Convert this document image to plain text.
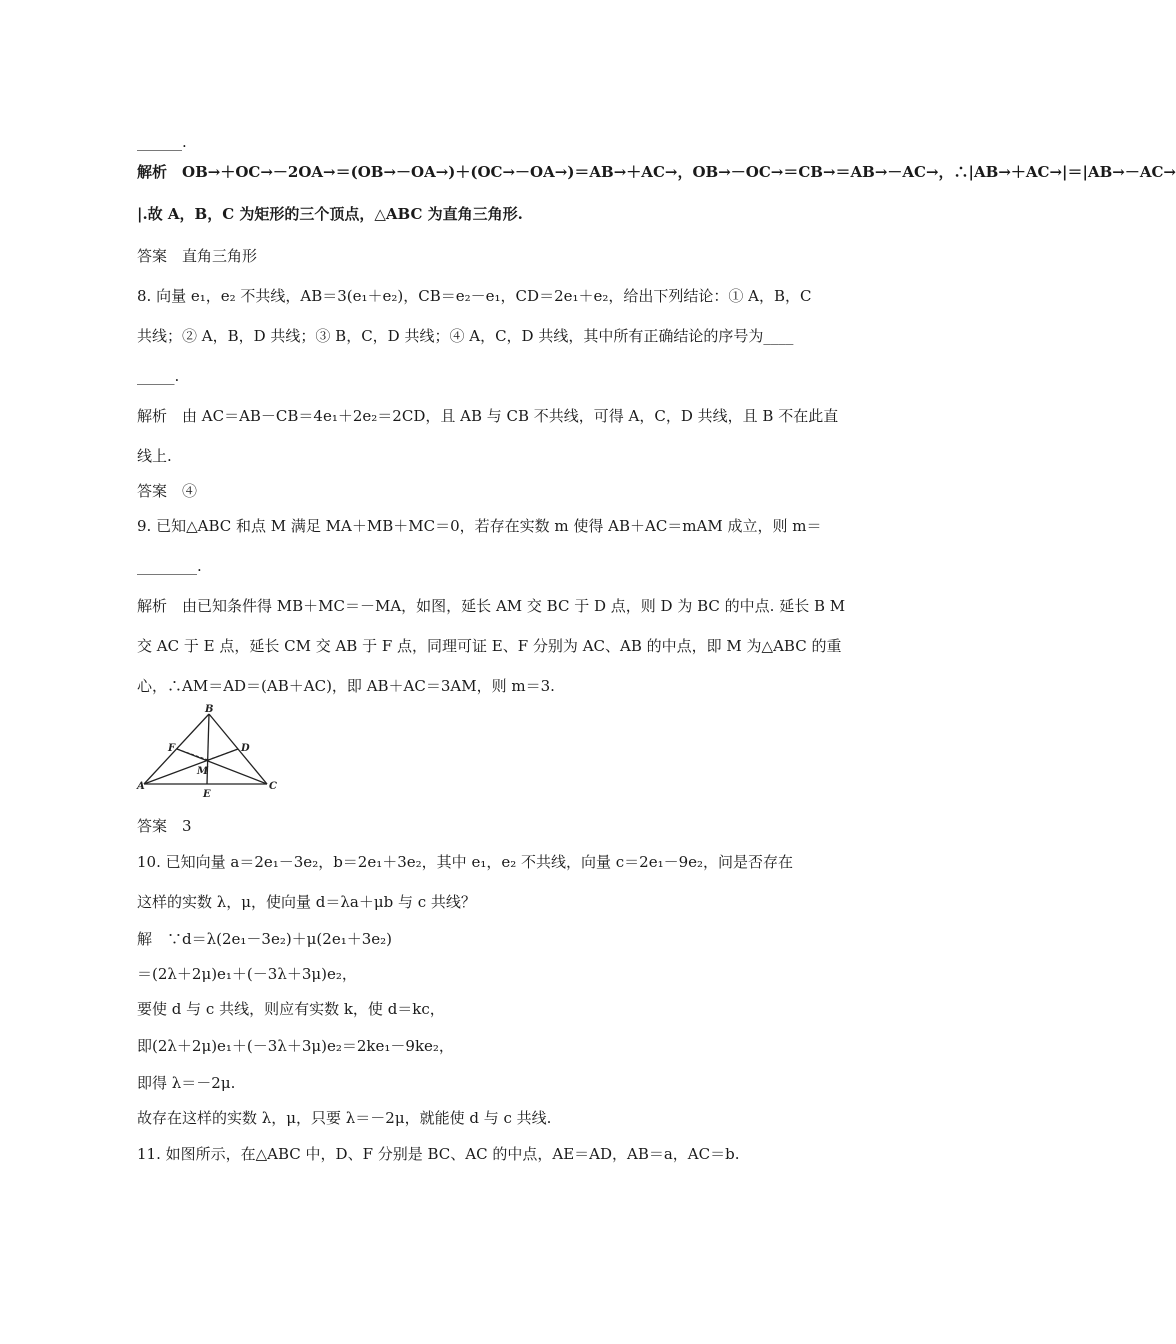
______.
解析　OB→＋OC→－2OA→＝(OB→－OA→)＋(OC→－OA→)＝AB→＋AC→，OB→－OC→＝CB→＝AB→－AC→，∴|AB→＋AC→|＝|AB→－AC→
|.故 A，B，C 为矩形的三个顶点，△ABC 为直角三角形.
答案　直角三角形
8. 向量 e₁，e₂ 不共线，AB＝3(e₁＋e₂)，CB＝e₂－e₁，CD＝2e₁＋e₂，给出下列结论：① A，B，C
共线；② A，B，D 共线；③ B，C，D 共线；④ A，C，D 共线，其中所有正确结论的序号为____
_____.
解析　由 AC＝AB－CB＝4e₁＋2e₂＝2CD，且 AB 与 CB 不共线，可得 A，C，D 共线，且 B 不在此直
线上.
答案　④
9. 已知△ABC 和点 M 满足 MA＋MB＋MC＝0，若存在实数 m 使得 AB＋AC＝mAM 成立，则 m＝
________.
解析　由已知条件得 MB＋MC＝－MA，如图，延长 AM 交 BC 于 D 点，则 D 为 BC 的中点. 延长 B M
交 AC 于 E 点，延长 CM 交 AB 于 F 点，同理可证 E、F 分别为 AC、AB 的中点，即 M 为△ABC 的重
心，∴AM＝AD＝(AB＋AC)，即 AB＋AC＝3AM，则 m＝3.
B
A	C
D
F
E
M
答案　3
10. 已知向量 a＝2e₁－3e₂，b＝2e₁＋3e₂，其中 e₁，e₂ 不共线，向量 c＝2e₁－9e₂，问是否存在
这样的实数 λ，μ，使向量 d＝λa＋μb 与 c 共线？
解　∵d＝λ(2e₁－3e₂)＋μ(2e₁＋3e₂)
＝(2λ＋2μ)e₁＋(－3λ＋3μ)e₂，
要使 d 与 c 共线，则应有实数 k，使 d＝kc，
即(2λ＋2μ)e₁＋(－3λ＋3μ)e₂＝2ke₁－9ke₂，
即得 λ＝－2μ.
故存在这样的实数 λ，μ，只要 λ＝－2μ，就能使 d 与 c 共线.
11. 如图所示，在△ABC 中，D、F 分别是 BC、AC 的中点，AE＝AD，AB＝a，AC＝b.
